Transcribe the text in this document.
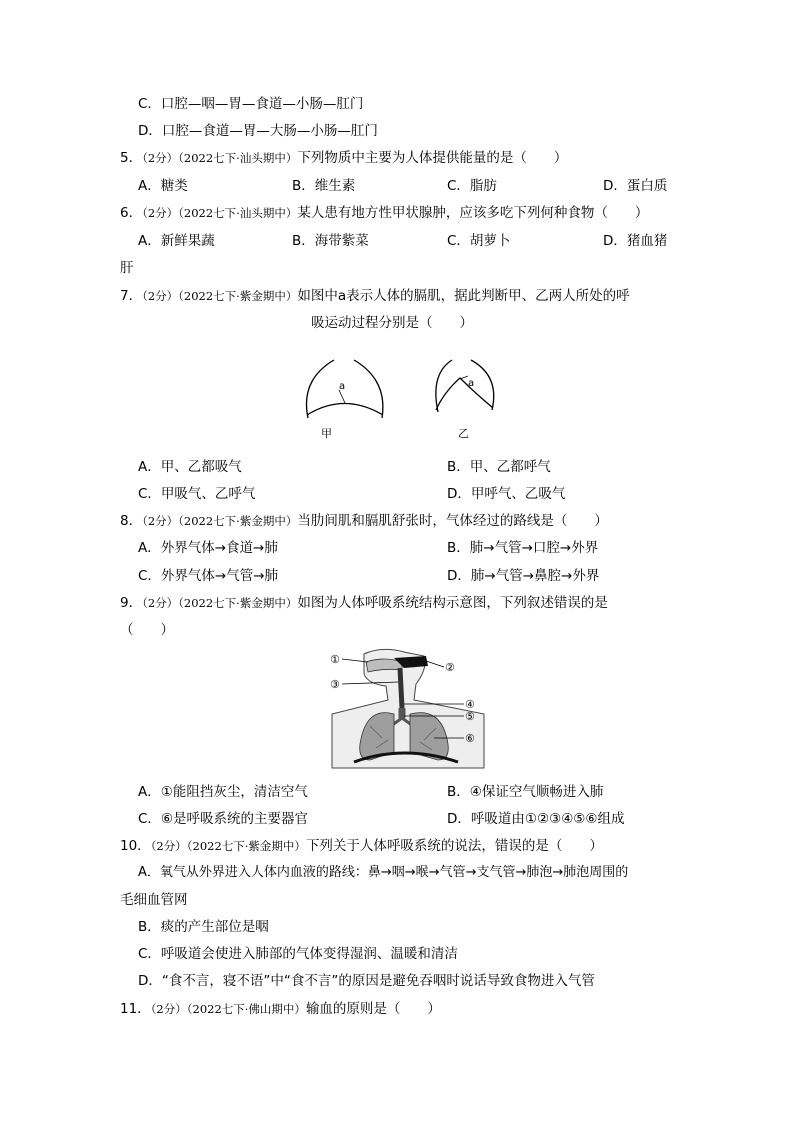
C．口腔—咽—胃—食道—小肠—肛门
D．口腔—食道—胃—大肠—小肠—肛门
5．（2分）（2022七下·汕头期中）下列物质中主要为人体提供能量的是（　　）
A．糖类	B．维生素	C．脂肪	D．蛋白质
6．（2分）（2022七下·汕头期中）某人患有地方性甲状腺肿，应该多吃下列何种食物（　　）
A．新鲜果蔬	B．海带紫菜	C．胡萝卜	D．猪血猪
肝
7．（2分）（2022七下·紫金期中）如图中a表示人体的膈肌，据此判断甲、乙两人所处的呼
吸运动过程分别是（　　）
甲
a
乙
a
A．甲、乙都吸气	B．甲、乙都呼气
C．甲吸气、乙呼气	D．甲呼气、乙吸气
8．（2分）（2022七下·紫金期中）当肋间肌和膈肌舒张时，气体经过的路线是（　　）
A．外界气体→食道→肺	B．肺→气管→口腔→外界
C．外界气体→气管→肺	D．肺→气管→鼻腔→外界
9．（2分）（2022七下·紫金期中）如图为人体呼吸系统结构示意图，下列叙述错误的是
（　　）
①
②
③
④
⑤
⑥
A．①能阻挡灰尘，清洁空气	B．④保证空气顺畅进入肺
C．⑥是呼吸系统的主要器官	D．呼吸道由①②③④⑤⑥组成
10．（2分）（2022七下·紫金期中）下列关于人体呼吸系统的说法，错误的是（　　）
A．氧气从外界进入人体内血液的路线：鼻→咽→喉→气管→支气管→肺泡→肺泡周围的
毛细血管网
B．痰的产生部位是咽
C．呼吸道会使进入肺部的气体变得湿润、温暖和清洁
D．“食不言，寝不语”中“食不言”的原因是避免吞咽时说话导致食物进入气管
11．（2分）（2022七下·佛山期中）输血的原则是（　　）
